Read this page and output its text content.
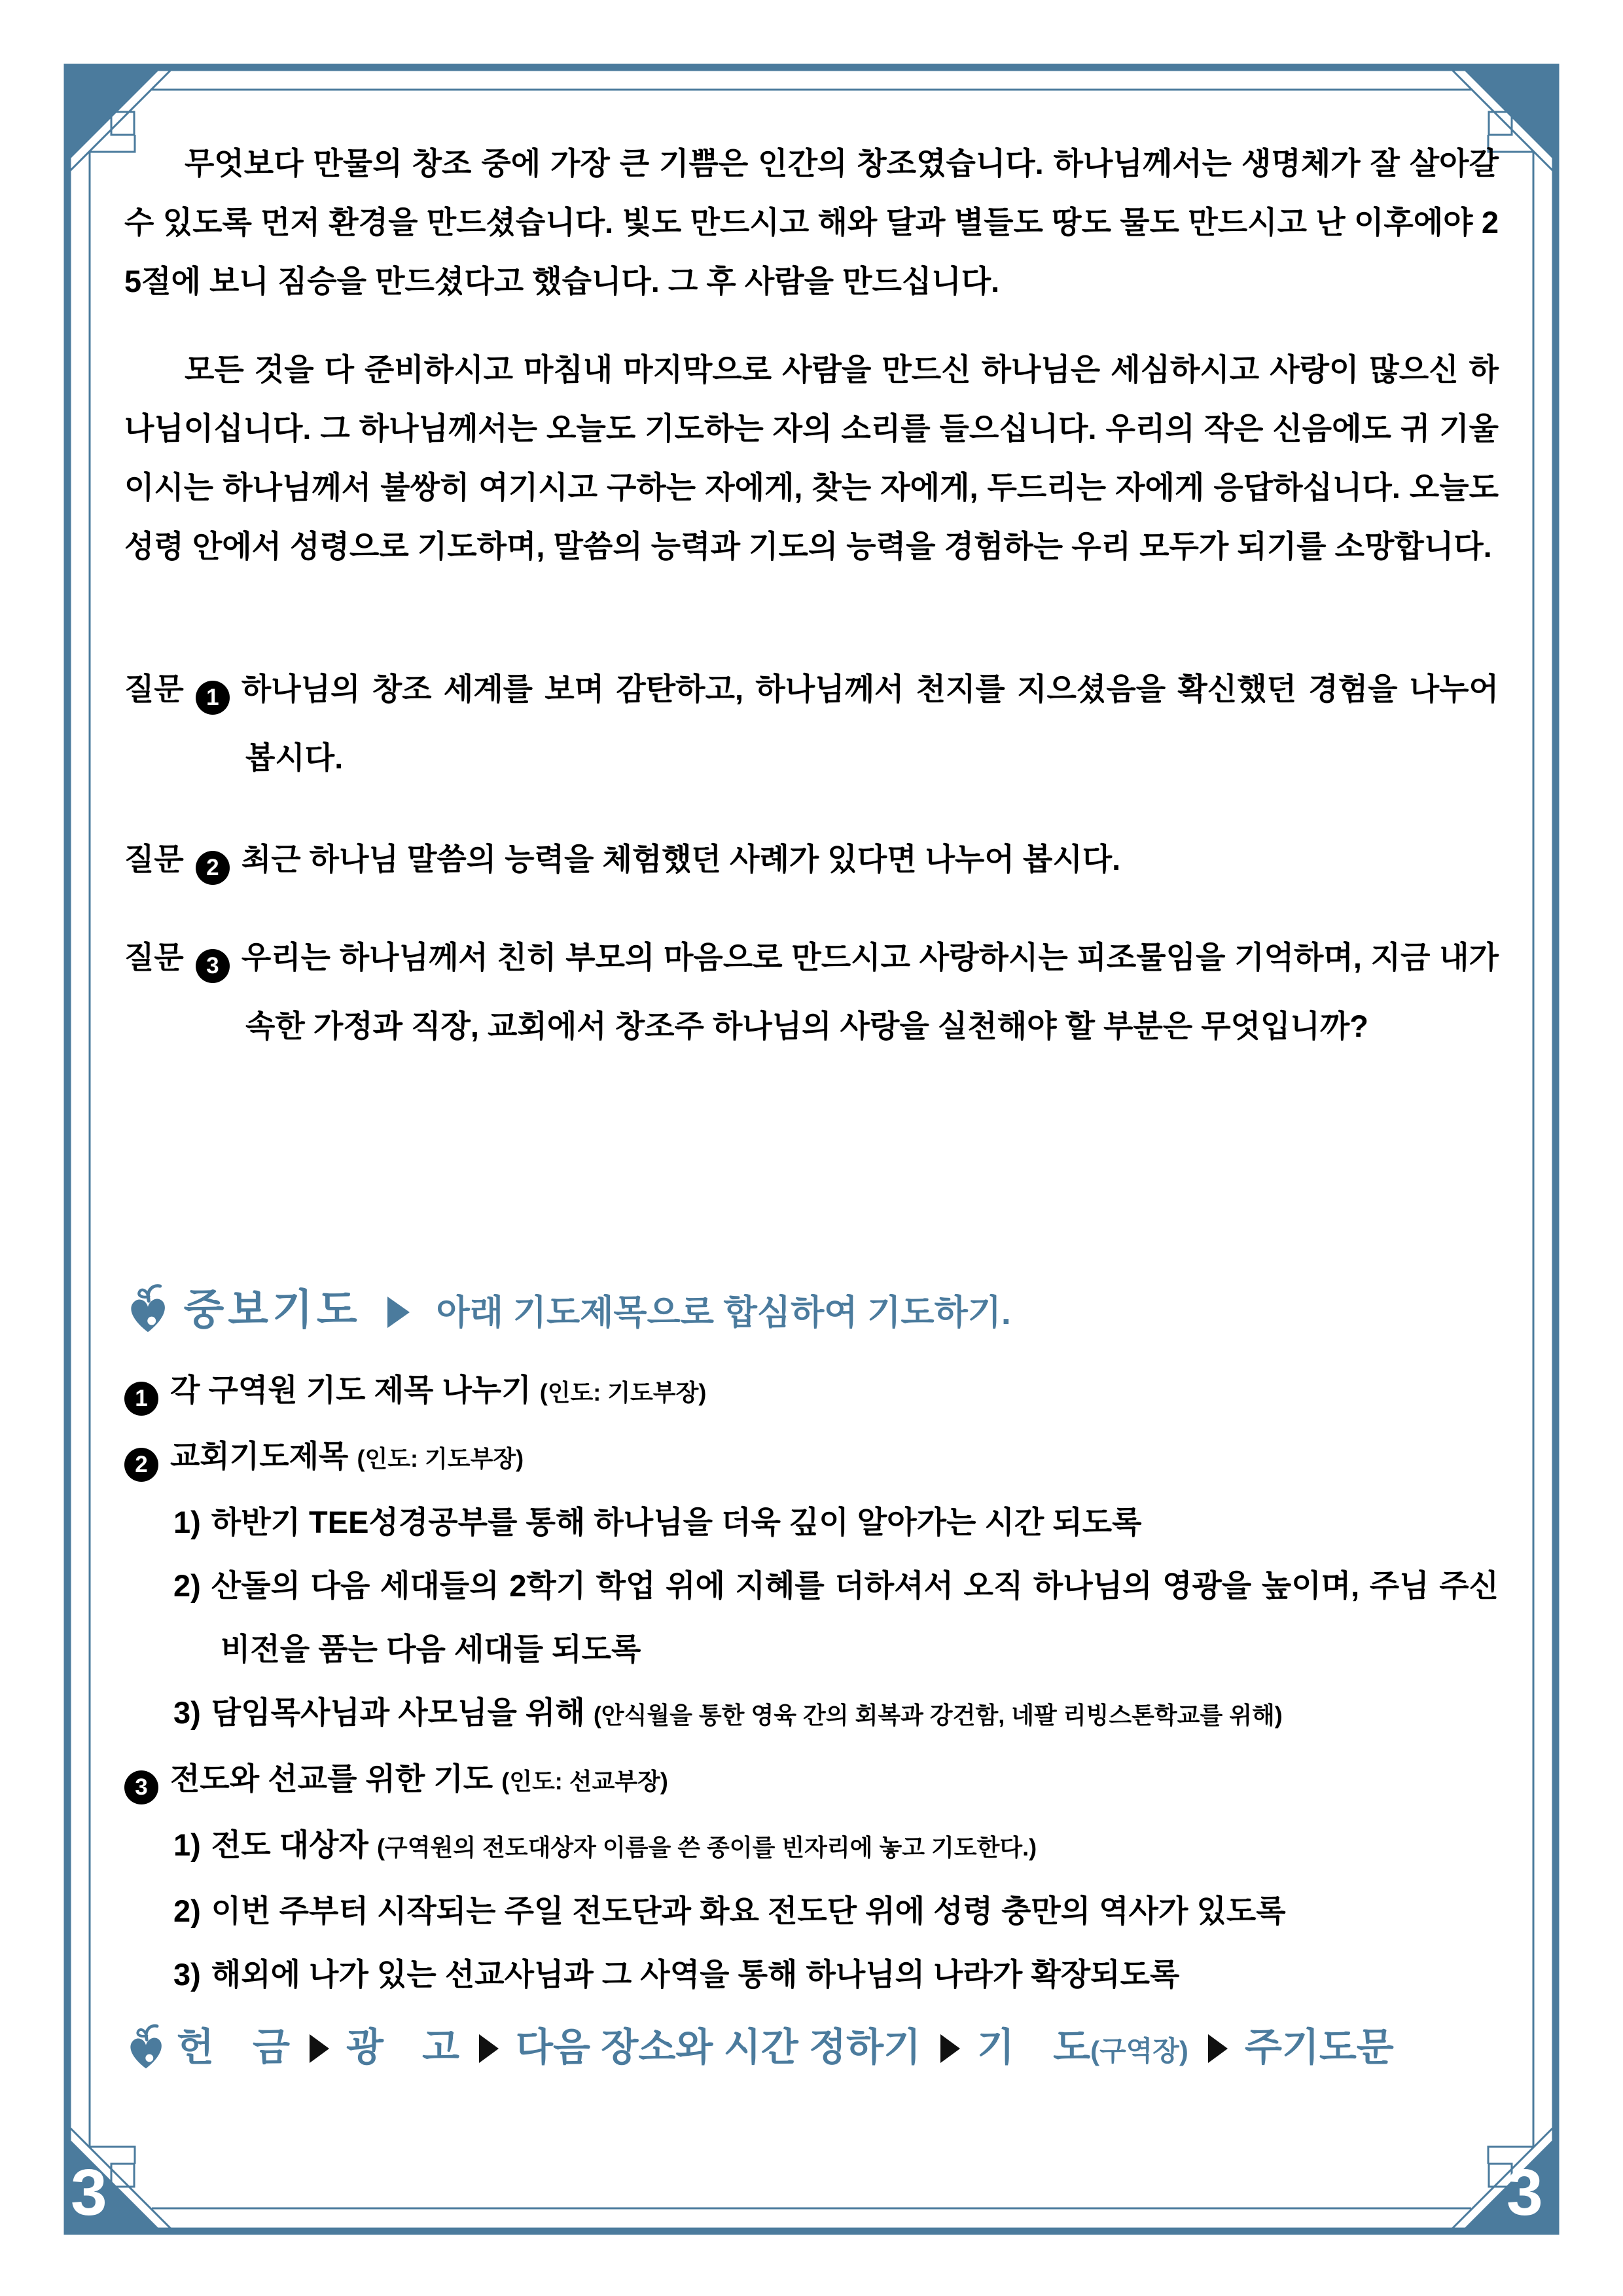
3	3

무엇보다 만물의 창조 중에 가장 큰 기쁨은 인간의 창조였습니다. 하나님께서는 생명체가 잘 살아갈 수 있도록 먼저 환경을 만드셨습니다. 빛도 만드시고 해와 달과 별들도 땅도 물도 만드시고 난 이후에야 25절에 보니 짐승을 만드셨다고 했습니다. 그 후 사람을 만드십니다.

모든 것을 다 준비하시고 마침내 마지막으로 사람을 만드신 하나님은 세심하시고 사랑이 많으신 하나님이십니다. 그 하나님께서는 오늘도 기도하는 자의 소리를 들으십니다. 우리의 작은 신음에도 귀 기울이시는 하나님께서 불쌍히 여기시고 구하는 자에게, 찾는 자에게, 두드리는 자에게 응답하십니다. 오늘도 성령 안에서 성령으로 기도하며, 말씀의 능력과 기도의 능력을 경험하는 우리 모두가 되기를 소망합니다.

질문 1 하나님의 창조 세계를 보며 감탄하고, 하나님께서 천지를 지으셨음을 확신했던 경험을 나누어 봅시다.
질문 2 최근 하나님 말씀의 능력을 체험했던 사례가 있다면 나누어 봅시다.
질문 3 우리는 하나님께서 친히 부모의 마음으로 만드시고 사랑하시는 피조물임을 기억하며, 지금 내가 속한 가정과 직장, 교회에서 창조주 하나님의 사랑을 실천해야 할 부분은 무엇입니까?
중보기도 아래 기도제목으로 합심하여 기도하기.
1 각 구역원 기도 제목 나누기 (인도: 기도부장)
2 교회기도제목 (인도: 기도부장)
1) 하반기 TEE성경공부를 통해 하나님을 더욱 깊이 알아가는 시간 되도록
2) 산돌의 다음 세대들의 2학기 학업 위에 지혜를 더하셔서 오직 하나님의 영광을 높이며, 주님 주신 비전을 품는 다음 세대들 되도록
3) 담임목사님과 사모님을 위해 (안식월을 통한 영육 간의 회복과 강건함, 네팔 리빙스톤학교를 위해)
3 전도와 선교를 위한 기도 (인도: 선교부장)
1) 전도 대상자 (구역원의 전도대상자 이름을 쓴 종이를 빈자리에 놓고 기도한다.)
2) 이번 주부터 시작되는 주일 전도단과 화요 전도단 위에 성령 충만의 역사가 있도록
3) 해외에 나가 있는 선교사님과 그 사역을 통해 하나님의 나라가 확장되도록
헌　금 광　고 다음 장소와 시간 정하기 기　도(구역장) 주기도문
